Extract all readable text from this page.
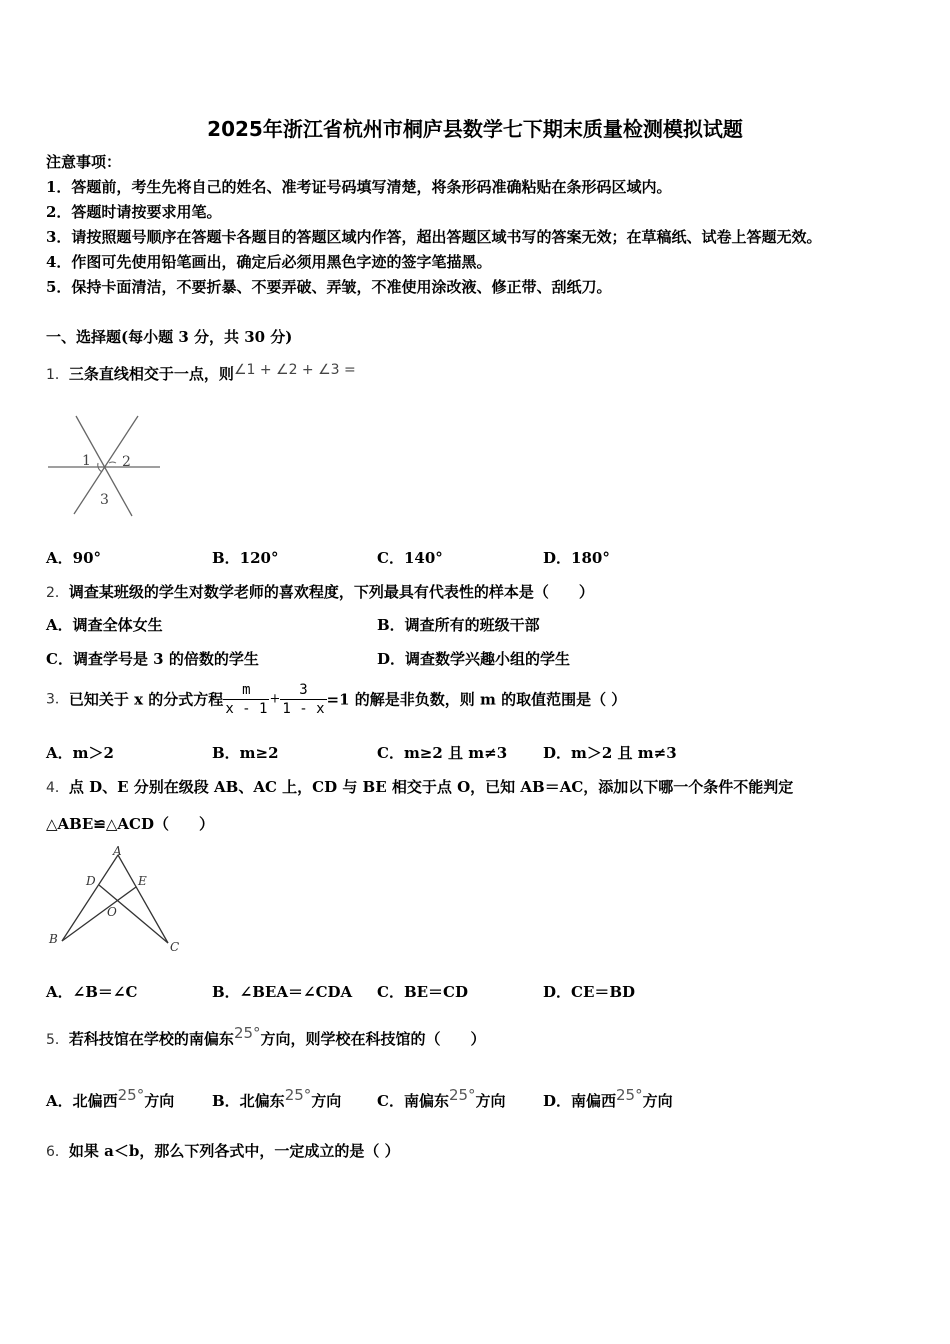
2025年浙江省杭州市桐庐县数学七下期末质量检测模拟试题
注意事项：
1．答题前，考生先将自己的姓名、准考证号码填写清楚，将条形码准确粘贴在条形码区域内。
2．答题时请按要求用笔。
3．请按照题号顺序在答题卡各题目的答题区域内作答，超出答题区域书写的答案无效；在草稿纸、试卷上答题无效。
4．作图可先使用铅笔画出，确定后必须用黑色字迹的签字笔描黑。
5．保持卡面清洁，不要折暴、不要弄破、弄皱，不准使用涂改液、修正带、刮纸刀。
一、选择题(每小题 3 分，共 30 分)
1．三条直线相交于一点，则∠1 + ∠2 + ∠3 =
1 2
3
A．90°	B．120°	C．140°	D．180°
2．调查某班级的学生对数学老师的喜欢程度，下列最具有代表性的样本是（　　）
A．调查全体女生	B．调查所有的班级干部
C．调查学号是 3 的倍数的学生	D．调查数学兴趣小组的学生
3．已知关于 x 的分式方程 $\frac{m}{x - 1} + \frac{3}{1 - x} =1$ 的解是非负数，则 m 的取值范围是（ ）
A．m＞2	B．m≥2	C．m≥2 且 m≠3 D．m＞2 且 m≠3
4．点 D、E 分别在级段 AB、AC 上，CD 与 BE 相交于点 O，已知 AB＝AC，添加以下哪一个条件不能判定
△ABE≌△ACD（　　）
A
D	E
O
B
C
A．∠B＝∠C	B．∠BEA＝∠CDA C．BE＝CD	D．CE＝BD
5．若科技馆在学校的南偏东25°方向，则学校在科技馆的（　　）
A．北偏西25°方向	B．北偏东25°方向 C．南偏东25°方向 D．南偏西25°方向
6．如果 a＜b，那么下列各式中，一定成立的是（ ）
